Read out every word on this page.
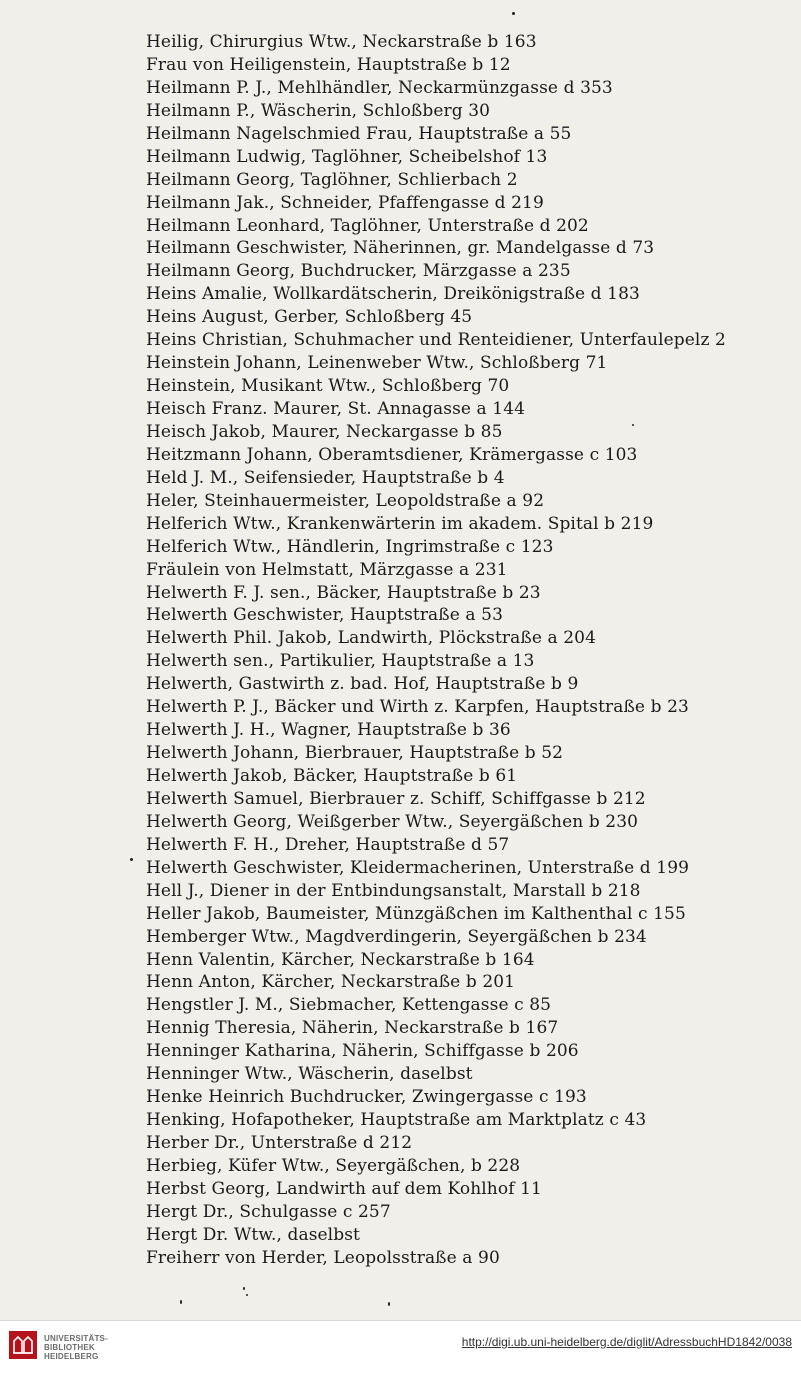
Heilig, Chirurgius Wtw., Neckarstraße b 163
Frau von Heiligenstein, Hauptstraße b 12
Heilmann P. J., Mehlhändler, Neckarmünzgasse d 353
Heilmann P., Wäscherin, Schloßberg 30
Heilmann Nagelschmied Frau, Hauptstraße a 55
Heilmann Ludwig, Taglöhner, Scheibelshof 13
Heilmann Georg, Taglöhner, Schlierbach 2
Heilmann Jak., Schneider, Pfaffengasse d 219
Heilmann Leonhard, Taglöhner, Unterstraße d 202
Heilmann Geschwister, Näherinnen, gr. Mandelgasse d 73
Heilmann Georg, Buchdrucker, Märzgasse a 235
Heins Amalie, Wollkardätscherin, Dreikönigstraße d 183
Heins August, Gerber, Schloßberg 45
Heins Christian, Schuhmacher und Renteidiener, Unterfaulepelz 2
Heinstein Johann, Leinenweber Wtw., Schloßberg 71
Heinstein, Musikant Wtw., Schloßberg 70
Heisch Franz. Maurer, St. Annagasse a 144
Heisch Jakob, Maurer, Neckargasse b 85
Heitzmann Johann, Oberamtsdiener, Krämergasse c 103
Held J. M., Seifensieder, Hauptstraße b 4
Heler, Steinhauermeister, Leopoldstraße a 92
Helferich Wtw., Krankenwärterin im akadem. Spital b 219
Helferich Wtw., Händlerin, Ingrimstraße c 123
Fräulein von Helmstatt, Märzgasse a 231
Helwerth F. J. sen., Bäcker, Hauptstraße b 23
Helwerth Geschwister, Hauptstraße a 53
Helwerth Phil. Jakob, Landwirth, Plöckstraße a 204
Helwerth sen., Partikulier, Hauptstraße a 13
Helwerth, Gastwirth z. bad. Hof, Hauptstraße b 9
Helwerth P. J., Bäcker und Wirth z. Karpfen, Hauptstraße b 23
Helwerth J. H., Wagner, Hauptstraße b 36
Helwerth Johann, Bierbrauer, Hauptstraße b 52
Helwerth Jakob, Bäcker, Hauptstraße b 61
Helwerth Samuel, Bierbrauer z. Schiff, Schiffgasse b 212
Helwerth Georg, Weißgerber Wtw., Seyergäßchen b 230
Helwerth F. H., Dreher, Hauptstraße d 57
Helwerth Geschwister, Kleidermacherinen, Unterstraße d 199
Hell J., Diener in der Entbindungsanstalt, Marstall b 218
Heller Jakob, Baumeister, Münzgäßchen im Kalthenthal c 155
Hemberger Wtw., Magdverdingerin, Seyergäßchen b 234
Henn Valentin, Kärcher, Neckarstraße b 164
Henn Anton, Kärcher, Neckarstraße b 201
Hengstler J. M., Siebmacher, Kettengasse c 85
Hennig Theresia, Näherin, Neckarstraße b 167
Henninger Katharina, Näherin, Schiffgasse b 206
Henninger Wtw., Wäscherin, daselbst
Henke Heinrich Buchdrucker, Zwingergasse c 193
Henking, Hofapotheker, Hauptstraße am Marktplatz c 43
Herber Dr., Unterstraße d 212
Herbieg, Küfer Wtw., Seyergäßchen, b 228
Herbst Georg, Landwirth auf dem Kohlhof 11
Hergt Dr., Schulgasse c 257
Hergt Dr. Wtw., daselbst
Freiherr von Herder, Leopolsstraße a 90
UNIVERSITÄTS-
BIBLIOTHEK
HEIDELBERG
http://digi.ub.uni-heidelberg.de/diglit/AdressbuchHD1842/0038
